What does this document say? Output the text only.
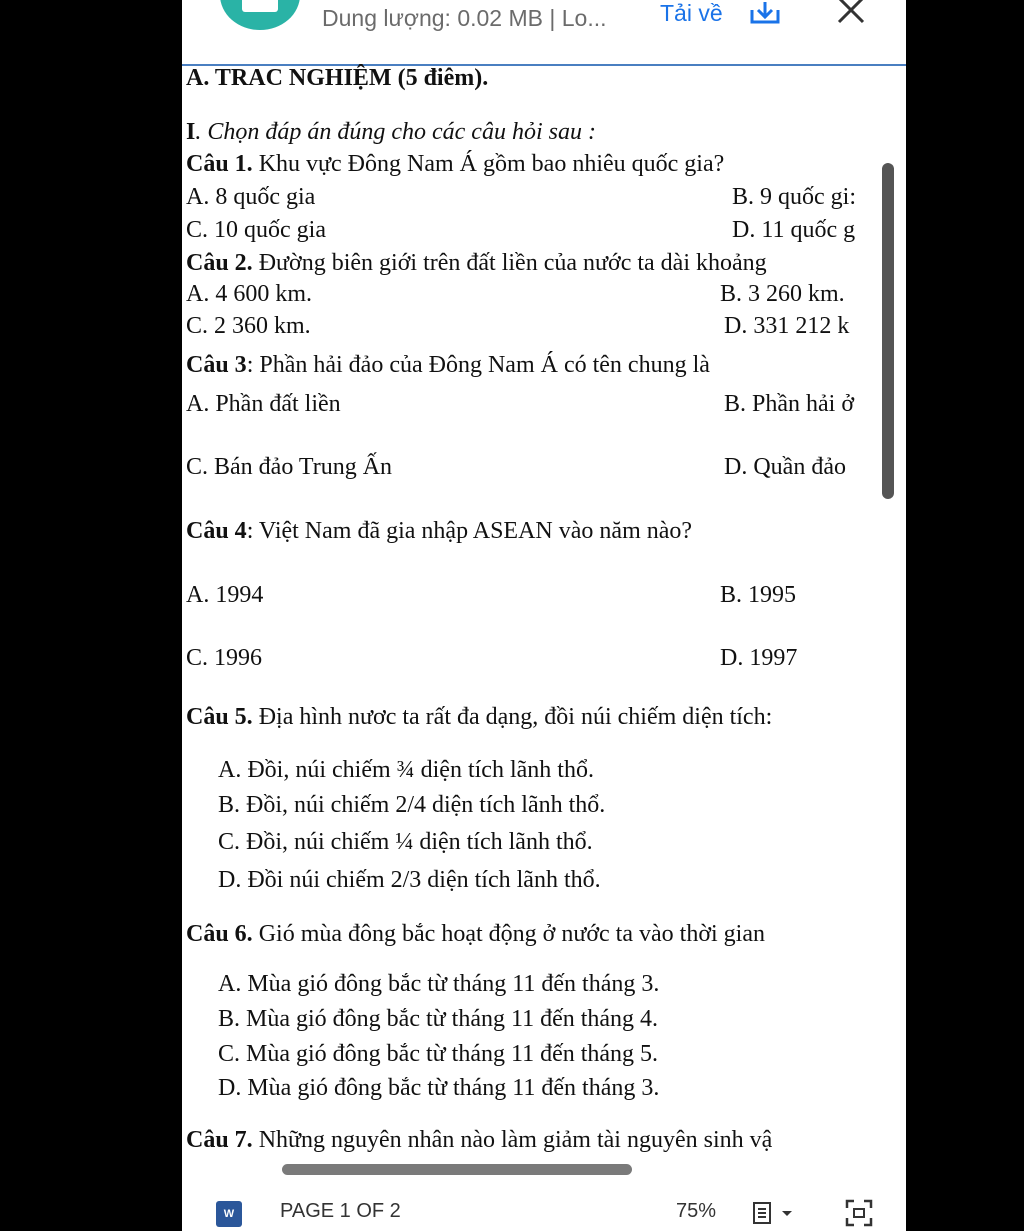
Dung lượng: 0.02 MB | Lo... Tải về
A. TRAC NGHIỆM (5 điêm).
I. Chọn đáp án đúng cho các câu hỏi sau :
Câu 1. Khu vực Đông Nam Á gồm bao nhiêu quốc gia?
A. 8 quốc gia	B. 9 quốc gi:
C. 10 quốc gia	D. 11 quốc g
Câu 2. Đường biên giới trên đất liền của nước ta dài khoảng
A. 4 600 km.	B. 3 260 km.
C. 2 360 km.	D. 331 212 k
Câu 3: Phần hải đảo của Đông Nam Á có tên chung là
A. Phần đất liền	B. Phần hải ở
C. Bán đảo Trung Ấn	D. Quần đảo
Câu 4: Việt Nam đã gia nhập ASEAN vào năm nào?
A. 1994	B. 1995
C. 1996	D. 1997
Câu 5. Địa hình nươc ta rất đa dạng, đồi núi chiếm diện tích:
A. Đồi, núi chiếm ¾ diện tích lãnh thổ.
B. Đồi, núi chiếm 2/4 diện tích lãnh thổ.
C. Đồi, núi chiếm ¼ diện tích lãnh thổ.
D. Đồi núi chiếm 2/3 diện tích lãnh thổ.
Câu 6. Gió mùa đông bắc hoạt động ở nước ta vào thời gian
A. Mùa gió đông bắc từ tháng 11 đến tháng 3.
B. Mùa gió đông bắc từ tháng 11 đến tháng 4.
C. Mùa gió đông bắc từ tháng 11 đến tháng 5.
D. Mùa gió đông bắc từ tháng 11 đến tháng 3.
Câu 7. Những nguyên nhân nào làm giảm tài nguyên sinh vậ
W	PAGE 1 OF 2	75%
